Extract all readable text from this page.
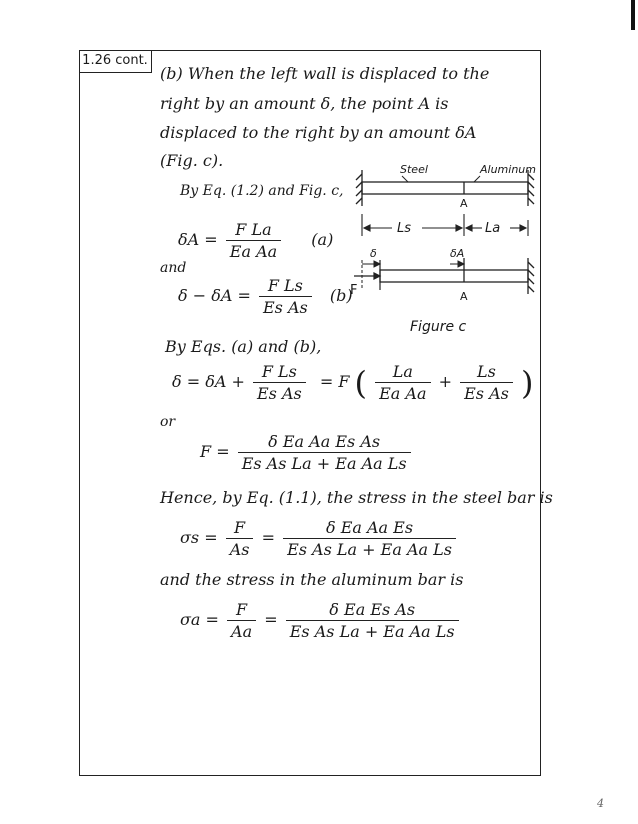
1.26 cont.
(b) When the left wall is displaced to the
right by an amount δ, the point A is
displaced to the right by an amount δA
(Fig. c).
By Eq. (1.2) and Fig. c,
$\delta A = \frac{\text{F La}}{\text{Ea Aa}} (a)$
and
$\delta - \delta A = \frac{\text{F Ls}}{\text{Es As}} (b)$
Steel	Aluminum
A
Ls	La
δ	δA
F	A
Figure c
By Eqs. (a) and (b),
$\delta = \delta A + \frac{\text{F Ls}}{\text{Es As}} = F$ ( $\frac{La}{\text{Ea Aa}} + \frac{Ls}{\text{Es As}}$ )
or
$F = \frac{\text{δ Ea Aa Es As}}{\text{Es As La + Ea Aa Ls}}$
Hence, by Eq. (1.1), the stress in the steel bar is
$\sigma s = \frac{F}{As} = \frac{\text{δ Ea Aa Es}}{\text{Es As La + Ea Aa Ls}}$
and the stress in the aluminum bar is
$\sigma a = \frac{F}{Aa} = \frac{\text{δ Ea Es As}}{\text{Es As La + Ea Aa Ls}}$
4
